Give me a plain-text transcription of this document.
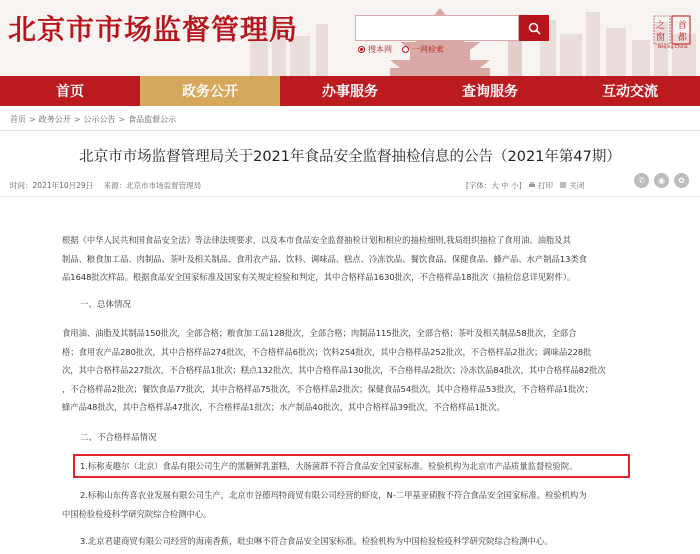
北京市市场监督管理局
搜本网	一网检索
之 首
窗 都
Beijing·China
首页	政务公开	办事服务	查询服务	互动交流
首页 > 政务公开 > 公示公告 > 食品监督公示
北京市市场监督管理局关于2021年食品安全监督抽检信息的公告（2021年第47期）
时间：2021年10月29日 来源：北京市市场监督管理局	[字体：大 中 小]	打印	关闭
✆	◉	✿
根据《中华人民共和国食品安全法》等法律法规要求，以及本市食品安全监督抽检计划和相应的抽检细则,我局组织抽检了食用油、油脂及其
制品、粮食加工品、肉制品、茶叶及相关制品、食用农产品、饮料、调味品、糕点、冷冻饮品、餐饮食品、保健食品、蜂产品、水产制品13类食
品1648批次样品。根据食品安全国家标准及国家有关规定检验和判定，其中合格样品1630批次，不合格样品18批次（抽检信息详见附件）。
一、总体情况
食用油、油脂及其制品150批次，全部合格；粮食加工品128批次，全部合格；肉制品115批次，全部合格；茶叶及相关制品58批次，全部合
格；食用农产品280批次，其中合格样品274批次，不合格样品6批次；饮料254批次，其中合格样品252批次，不合格样品2批次；调味品228批
次，其中合格样品227批次，不合格样品1批次；糕点132批次，其中合格样品130批次，不合格样品2批次；冷冻饮品84批次，其中合格样品82批次
，不合格样品2批次；餐饮食品77批次，其中合格样品75批次，不合格样品2批次；保健食品54批次，其中合格样品53批次，不合格样品1批次；
蜂产品48批次，其中合格样品47批次，不合格样品1批次；水产制品40批次，其中合格样品39批次，不合格样品1批次。
二、不合格样品情况
1.标称麦趣尔（北京）食品有限公司生产的黑糖鲜乳蛋糕，大肠菌群不符合食品安全国家标准。检验机构为北京市产品质量监督检验院。
2.标称山东传喜农业发展有限公司生产，北京市谷德玛特商贸有限公司经营的虾皮，N-二甲基亚硝胺不符合食品安全国家标准。检验机构为
中国检验检疫科学研究院综合检测中心。
3.北京君建商贸有限公司经营的海南香蕉，吡虫啉不符合食品安全国家标准。检验机构为中国检验检疫科学研究院综合检测中心。
